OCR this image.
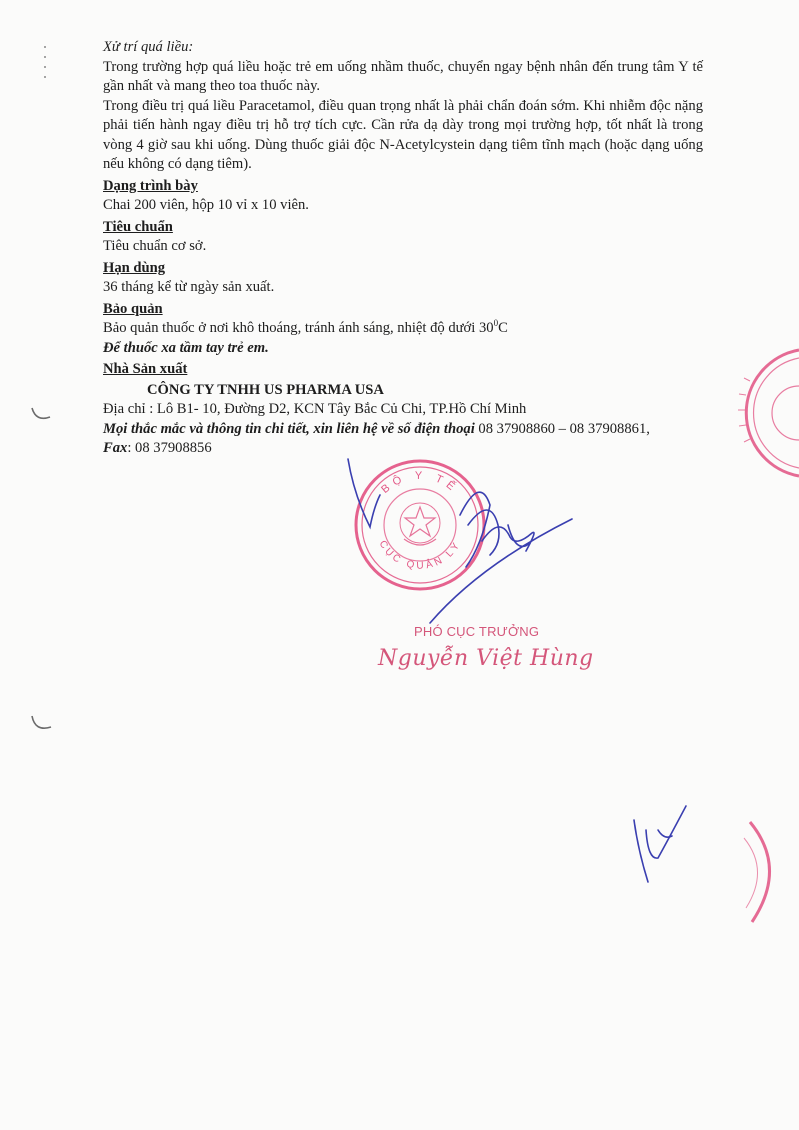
Xử trí quá liều:

Trong trường hợp quá liều hoặc trẻ em uống nhầm thuốc, chuyển ngay bệnh nhân đến trung tâm Y tế gần nhất và mang theo toa thuốc này.

Trong điều trị quá liều Paracetamol, điều quan trọng nhất là phải chẩn đoán sớm. Khi nhiễm độc nặng phải tiến hành ngay điều trị hỗ trợ tích cực. Cần rửa dạ dày trong mọi trường hợp, tốt nhất là trong vòng 4 giờ sau khi uống. Dùng thuốc giải độc N-Acetylcystein dạng tiêm tĩnh mạch (hoặc dạng uống nếu không có dạng tiêm).

Dạng trình bày

Chai 200 viên, hộp 10 vỉ x 10 viên.

Tiêu chuẩn

Tiêu chuẩn cơ sở.

Hạn dùng

36 tháng kể từ ngày sản xuất.

Bảo quản

Bảo quản thuốc ở nơi khô thoáng, tránh ánh sáng, nhiệt độ dưới $30^0C$

Để thuốc xa tầm tay trẻ em.

Nhà Sản xuất

CÔNG TY TNHH US PHARMA USA

Địa chỉ : Lô B1- 10, Đường D2, KCN Tây Bắc Củ Chi, TP.Hồ Chí Minh

Mọi thắc mắc và thông tin chi tiết, xin liên hệ về số điện thoại 08 37908860 – 08 37908861,

Fax: 08 37908856

BỘ Y TẾ
CỤC QUẢN LÝ
PHÓ CỤC TRƯỞNG
Nguyễn Việt Hùng
